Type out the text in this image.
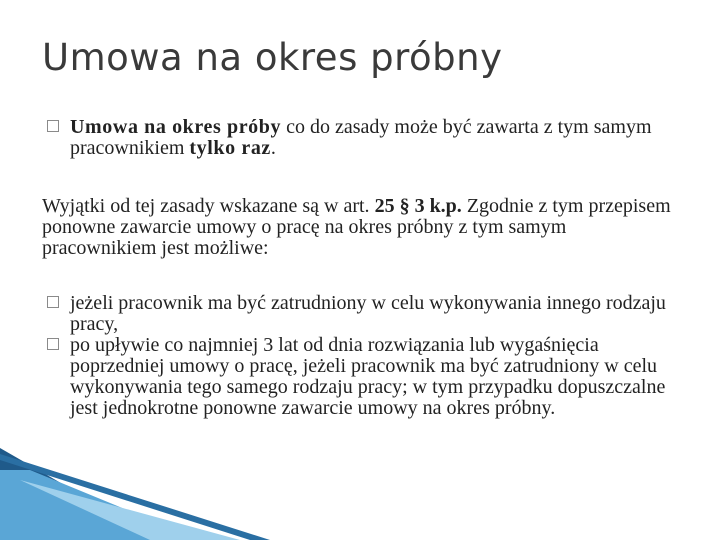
Umowa na okres próbny
Umowa na okres próby co do zasady może być zawarta z tym samym pracownikiem tylko raz.
Wyjątki od tej zasady wskazane są w art. 25 § 3 k.p. Zgodnie z tym przepisem ponowne zawarcie umowy o pracę na okres próbny z tym samym pracownikiem jest możliwe:
jeżeli pracownik ma być zatrudniony w celu wykonywania innego rodzaju pracy,
po upływie co najmniej 3 lat od dnia rozwiązania lub wygaśnięcia poprzedniej umowy o pracę, jeżeli pracownik ma być zatrudniony w celu wykonywania tego samego rodzaju pracy; w tym przypadku dopuszczalne jest jednokrotne ponowne zawarcie umowy na okres próbny.
